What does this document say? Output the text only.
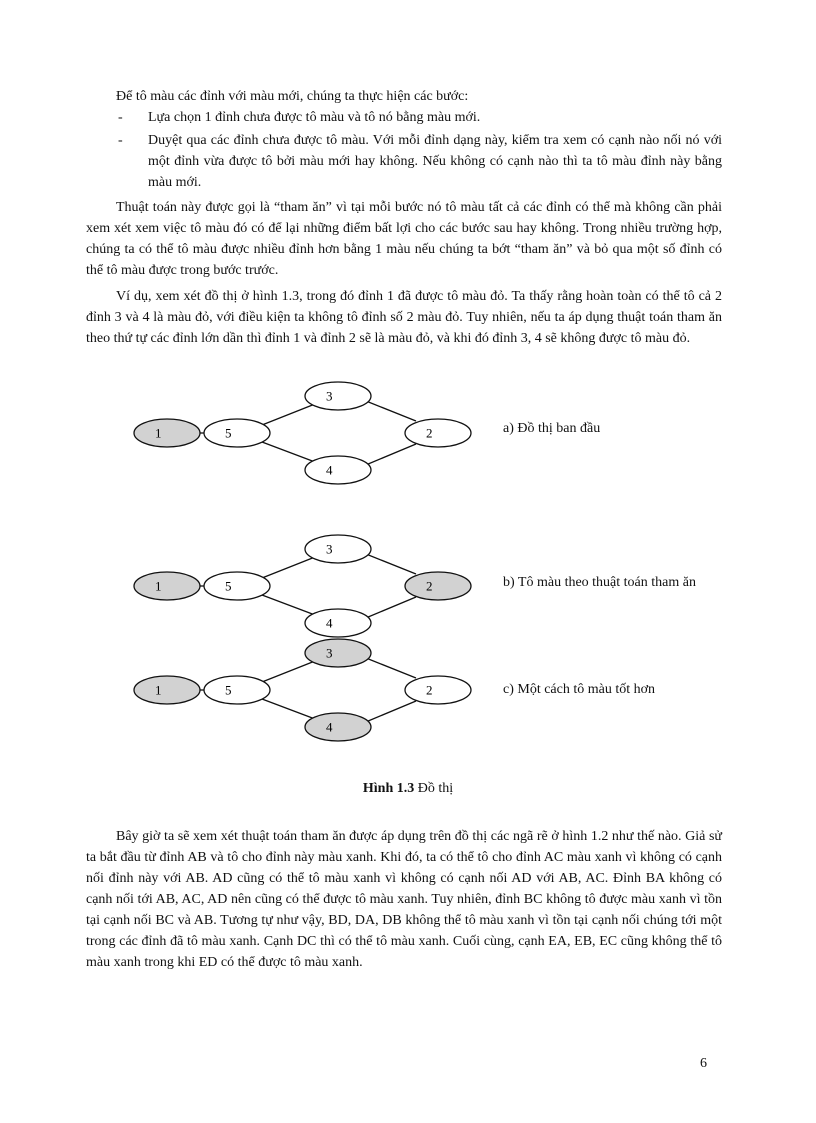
Để tô màu các đỉnh với màu mới, chúng ta thực hiện các bước:

- Lựa chọn 1 đỉnh chưa được tô màu và tô nó bằng màu mới.
- Duyệt qua các đỉnh chưa được tô màu. Với mỗi đỉnh dạng này, kiểm tra xem có cạnh nào nối nó với một đỉnh vừa được tô bởi màu mới hay không. Nếu không có cạnh nào thì ta tô màu đỉnh này bằng màu mới.

Thuật toán này được gọi là “tham ăn” vì tại mỗi bước nó tô màu tất cả các đỉnh có thể mà không cần phải xem xét xem việc tô màu đó có để lại những điểm bất lợi cho các bước sau hay không. Trong nhiều trường hợp, chúng ta có thể tô màu được nhiều đỉnh hơn bằng 1 màu nếu chúng ta bớt “tham ăn” và bỏ qua một số đỉnh có thể tô màu được trong bước trước.

Ví dụ, xem xét đồ thị ở hình 1.3, trong đó đỉnh 1 đã được tô màu đỏ. Ta thấy rằng hoàn toàn có thể tô cả 2 đỉnh 3 và 4 là màu đỏ, với điều kiện ta không tô đỉnh số 2 màu đỏ. Tuy nhiên, nếu ta áp dụng thuật toán tham ăn theo thứ tự các đỉnh lớn dần thì đỉnh 1 và đỉnh 2 sẽ là màu đỏ, và khi đó đỉnh 3, 4 sẽ không được tô màu đỏ.

1	5
3
4
2
1	5
3
4
2
1	5
3
4
2
a) Đồ thị ban đầu
b) Tô màu theo thuật toán tham ăn
c) Một cách tô màu tốt hơn
Hình 1.3 Đồ thị

Bây giờ ta sẽ xem xét thuật toán tham ăn được áp dụng trên đồ thị các ngã rẽ ở hình 1.2 như thế nào. Giả sử ta bắt đầu từ đỉnh AB và tô cho đỉnh này màu xanh. Khi đó, ta có thể tô cho đỉnh AC màu xanh vì không có cạnh nối đỉnh này với AB. AD cũng có thể tô màu xanh vì không có cạnh nối AD với AB, AC. Đỉnh BA không có cạnh nối tới AB, AC, AD nên cũng có thể được tô màu xanh. Tuy nhiên, đỉnh BC không tô được màu xanh vì tồn tại cạnh nối BC và AB. Tương tự như vậy, BD, DA, DB không thể tô màu xanh vì tồn tại cạnh nối chúng tới một trong các đỉnh đã tô màu xanh. Cạnh DC thì có thể tô màu xanh. Cuối cùng, cạnh EA, EB, EC cũng không thể tô màu xanh trong khi ED có thể được tô màu xanh.

6
